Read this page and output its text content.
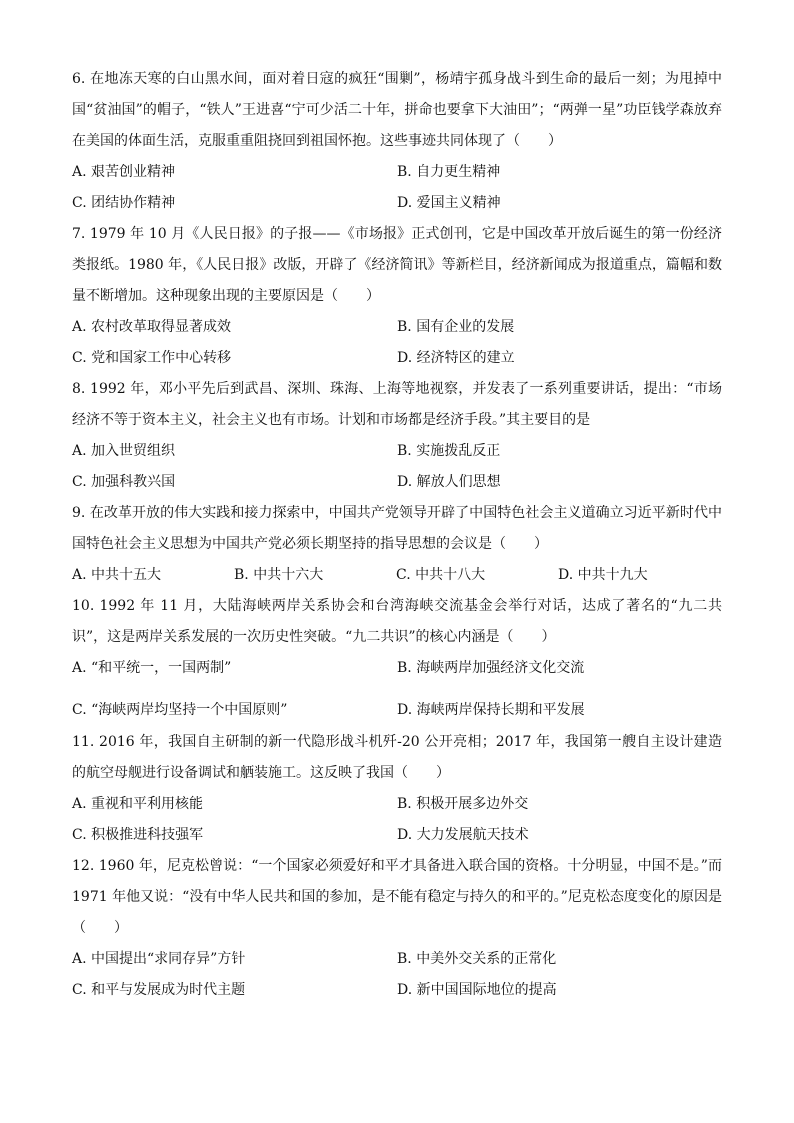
6. 在地冻天寒的白山黑水间，面对着日寇的疯狂“围剿”，杨靖宇孤身战斗到生命的最后一刻；为甩掉中国“贫油国”的帽子，“铁人”王进喜“宁可少活二十年，拼命也要拿下大油田”；“两弹一星”功臣钱学森放弃在美国的体面生活，克服重重阻挠回到祖国怀抱。这些事迹共同体现了（　　）

A. 艰苦创业精神	B. 自力更生精神
C. 团结协作精神	D. 爱国主义精神

7. 1979 年 10 月《人民日报》的子报——《市场报》正式创刊，它是中国改革开放后诞生的第一份经济类报纸。1980 年，《人民日报》改版，开辟了《经济简讯》等新栏目，经济新闻成为报道重点，篇幅和数量不断增加。这种现象出现的主要原因是（　　）

A. 农村改革取得显著成效	B. 国有企业的发展
C. 党和国家工作中心转移	D. 经济特区的建立

8. 1992 年，邓小平先后到武昌、深圳、珠海、上海等地视察，并发表了一系列重要讲话，提出：“市场经济不等于资本主义，社会主义也有市场。计划和市场都是经济手段。”其主要目的是

A. 加入世贸组织	B. 实施拨乱反正
C. 加强科教兴国	D. 解放人们思想

9. 在改革开放的伟大实践和接力探索中，中国共产党领导开辟了中国特色社会主义道确立习近平新时代中国特色社会主义思想为中国共产党必须长期坚持的指导思想的会议是（　　）

A. 中共十五大	B. 中共十六大	C. 中共十八大	D. 中共十九大

10. 1992 年 11 月，大陆海峡两岸关系协会和台湾海峡交流基金会举行对话，达成了著名的“九二共识”，这是两岸关系发展的一次历史性突破。“九二共识”的核心内涵是（　　）

A. “和平统一，一国两制”	B. 海峡两岸加强经济文化交流
C. “海峡两岸均坚持一个中国原则”	D. 海峡两岸保持长期和平发展

11. 2016 年，我国自主研制的新一代隐形战斗机歼-20 公开亮相；2017 年，我国第一艘自主设计建造的航空母舰进行设备调试和舾装施工。这反映了我国（　　）

A. 重视和平利用核能	B. 积极开展多边外交
C. 积极推进科技强军	D. 大力发展航天技术

12. 1960 年，尼克松曾说：“一个国家必须爱好和平才具备进入联合国的资格。十分明显，中国不是。”而 1971 年他又说：“没有中华人民共和国的参加，是不能有稳定与持久的和平的。”尼克松态度变化的原因是（　　）

A. 中国提出“求同存异”方针	B. 中美外交关系的正常化
C. 和平与发展成为时代主题	D. 新中国国际地位的提高
